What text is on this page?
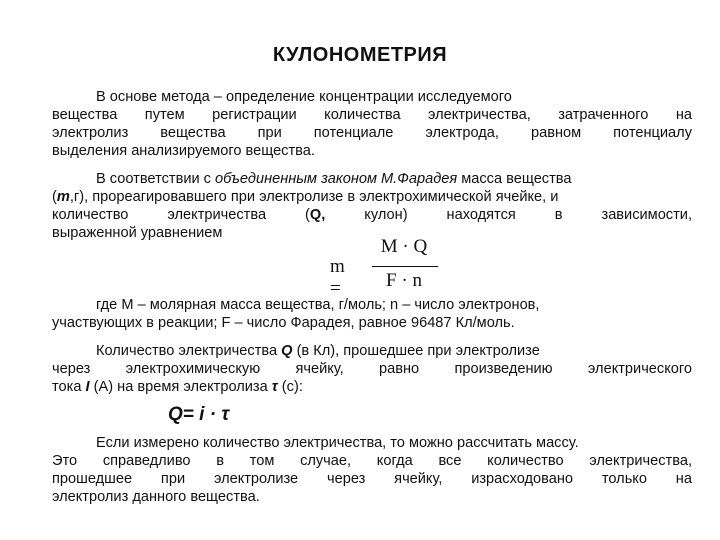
КУЛОНОМЕТРИЯ
В основе метода – определение концентрации исследуемого
вещества путем регистрации количества электричества, затраченного на
электролиз вещества при потенциале электрода, равном потенциалу
выделения анализируемого вещества.
В соответствии с объединенным законом М.Фарадея масса вещества
(m,г), прореагировавшего при электролизе в электрохимической ячейке, и
количество электричества (Q, кулон) находятся в зависимости,
выраженной уравнением
m =
M · Q
F · n
где М – молярная масса вещества, г/моль; n – число электронов,
участвующих в реакции; F – число Фарадея, равное 96487 Кл/моль.
Количество электричества Q (в Кл), прошедшее при электролизе
через электрохимическую ячейку, равно произведению электрического
тока I (А) на время электролиза τ (с):
Q= i · τ
Если измерено количество электричества, то можно рассчитать массу.
Это справедливо в том случае, когда все количество электричества,
прошедшее при электролизе через ячейку, израсходовано только на
электролиз данного вещества.
